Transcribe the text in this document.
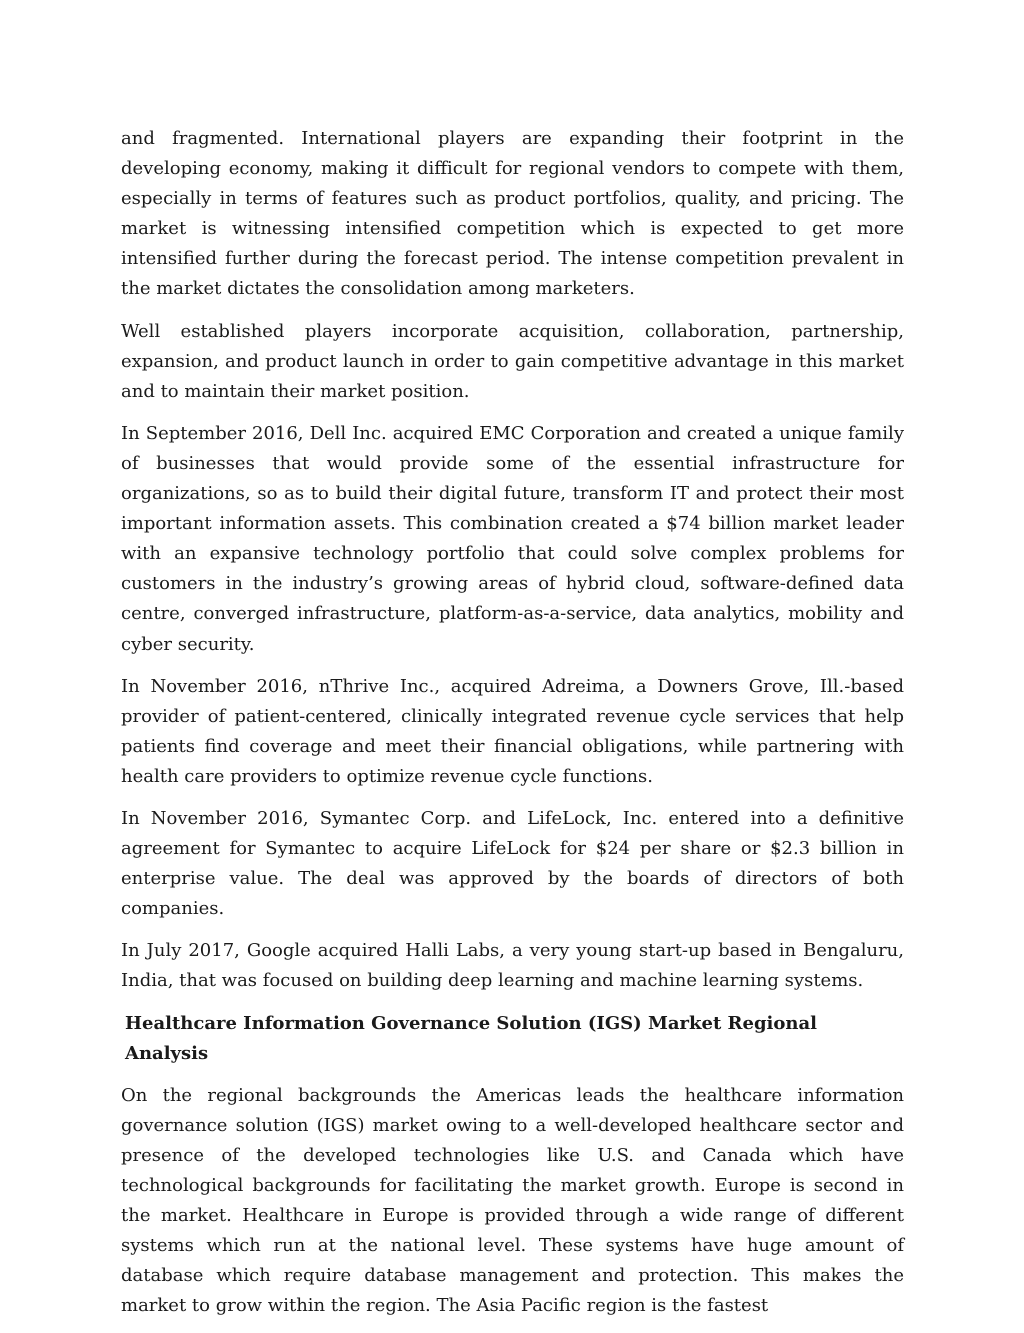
and fragmented. International players are expanding their footprint in the developing economy, making it difficult for regional vendors to compete with them, especially in terms of features such as product portfolios, quality, and pricing. The market is witnessing intensified competition which is expected to get more intensified further during the forecast period. The intense competition prevalent in the market dictates the consolidation among marketers.

Well established players incorporate acquisition, collaboration, partnership, expansion, and product launch in order to gain competitive advantage in this market and to maintain their market position.

In September 2016, Dell Inc. acquired EMC Corporation and created a unique family of businesses that would provide some of the essential infrastructure for organizations, so as to build their digital future, transform IT and protect their most important information assets. This combination created a $74 billion market leader with an expansive technology portfolio that could solve complex problems for customers in the industry’s growing areas of hybrid cloud, software-defined data centre, converged infrastructure, platform-as-a-service, data analytics, mobility and cyber security.

In November 2016, nThrive Inc., acquired Adreima, a Downers Grove, Ill.-based provider of patient-centered, clinically integrated revenue cycle services that help patients find coverage and meet their financial obligations, while partnering with health care providers to optimize revenue cycle functions.

In November 2016, Symantec Corp. and LifeLock, Inc. entered into a definitive agreement for Symantec to acquire LifeLock for $24 per share or $2.3 billion in enterprise value. The deal was approved by the boards of directors of both companies.

In July 2017, Google acquired Halli Labs, a very young start-up based in Bengaluru, India, that was focused on building deep learning and machine learning systems.

Healthcare Information Governance Solution (IGS) Market Regional Analysis

On the regional backgrounds the Americas leads the healthcare information governance solution (IGS) market owing to a well-developed healthcare sector and presence of the developed technologies like U.S. and Canada which have technological backgrounds for facilitating the market growth. Europe is second in the market. Healthcare in Europe is provided through a wide range of different systems which run at the national level. These systems have huge amount of database which require database management and protection. This makes the market to grow within the region. The Asia Pacific region is the fastest
